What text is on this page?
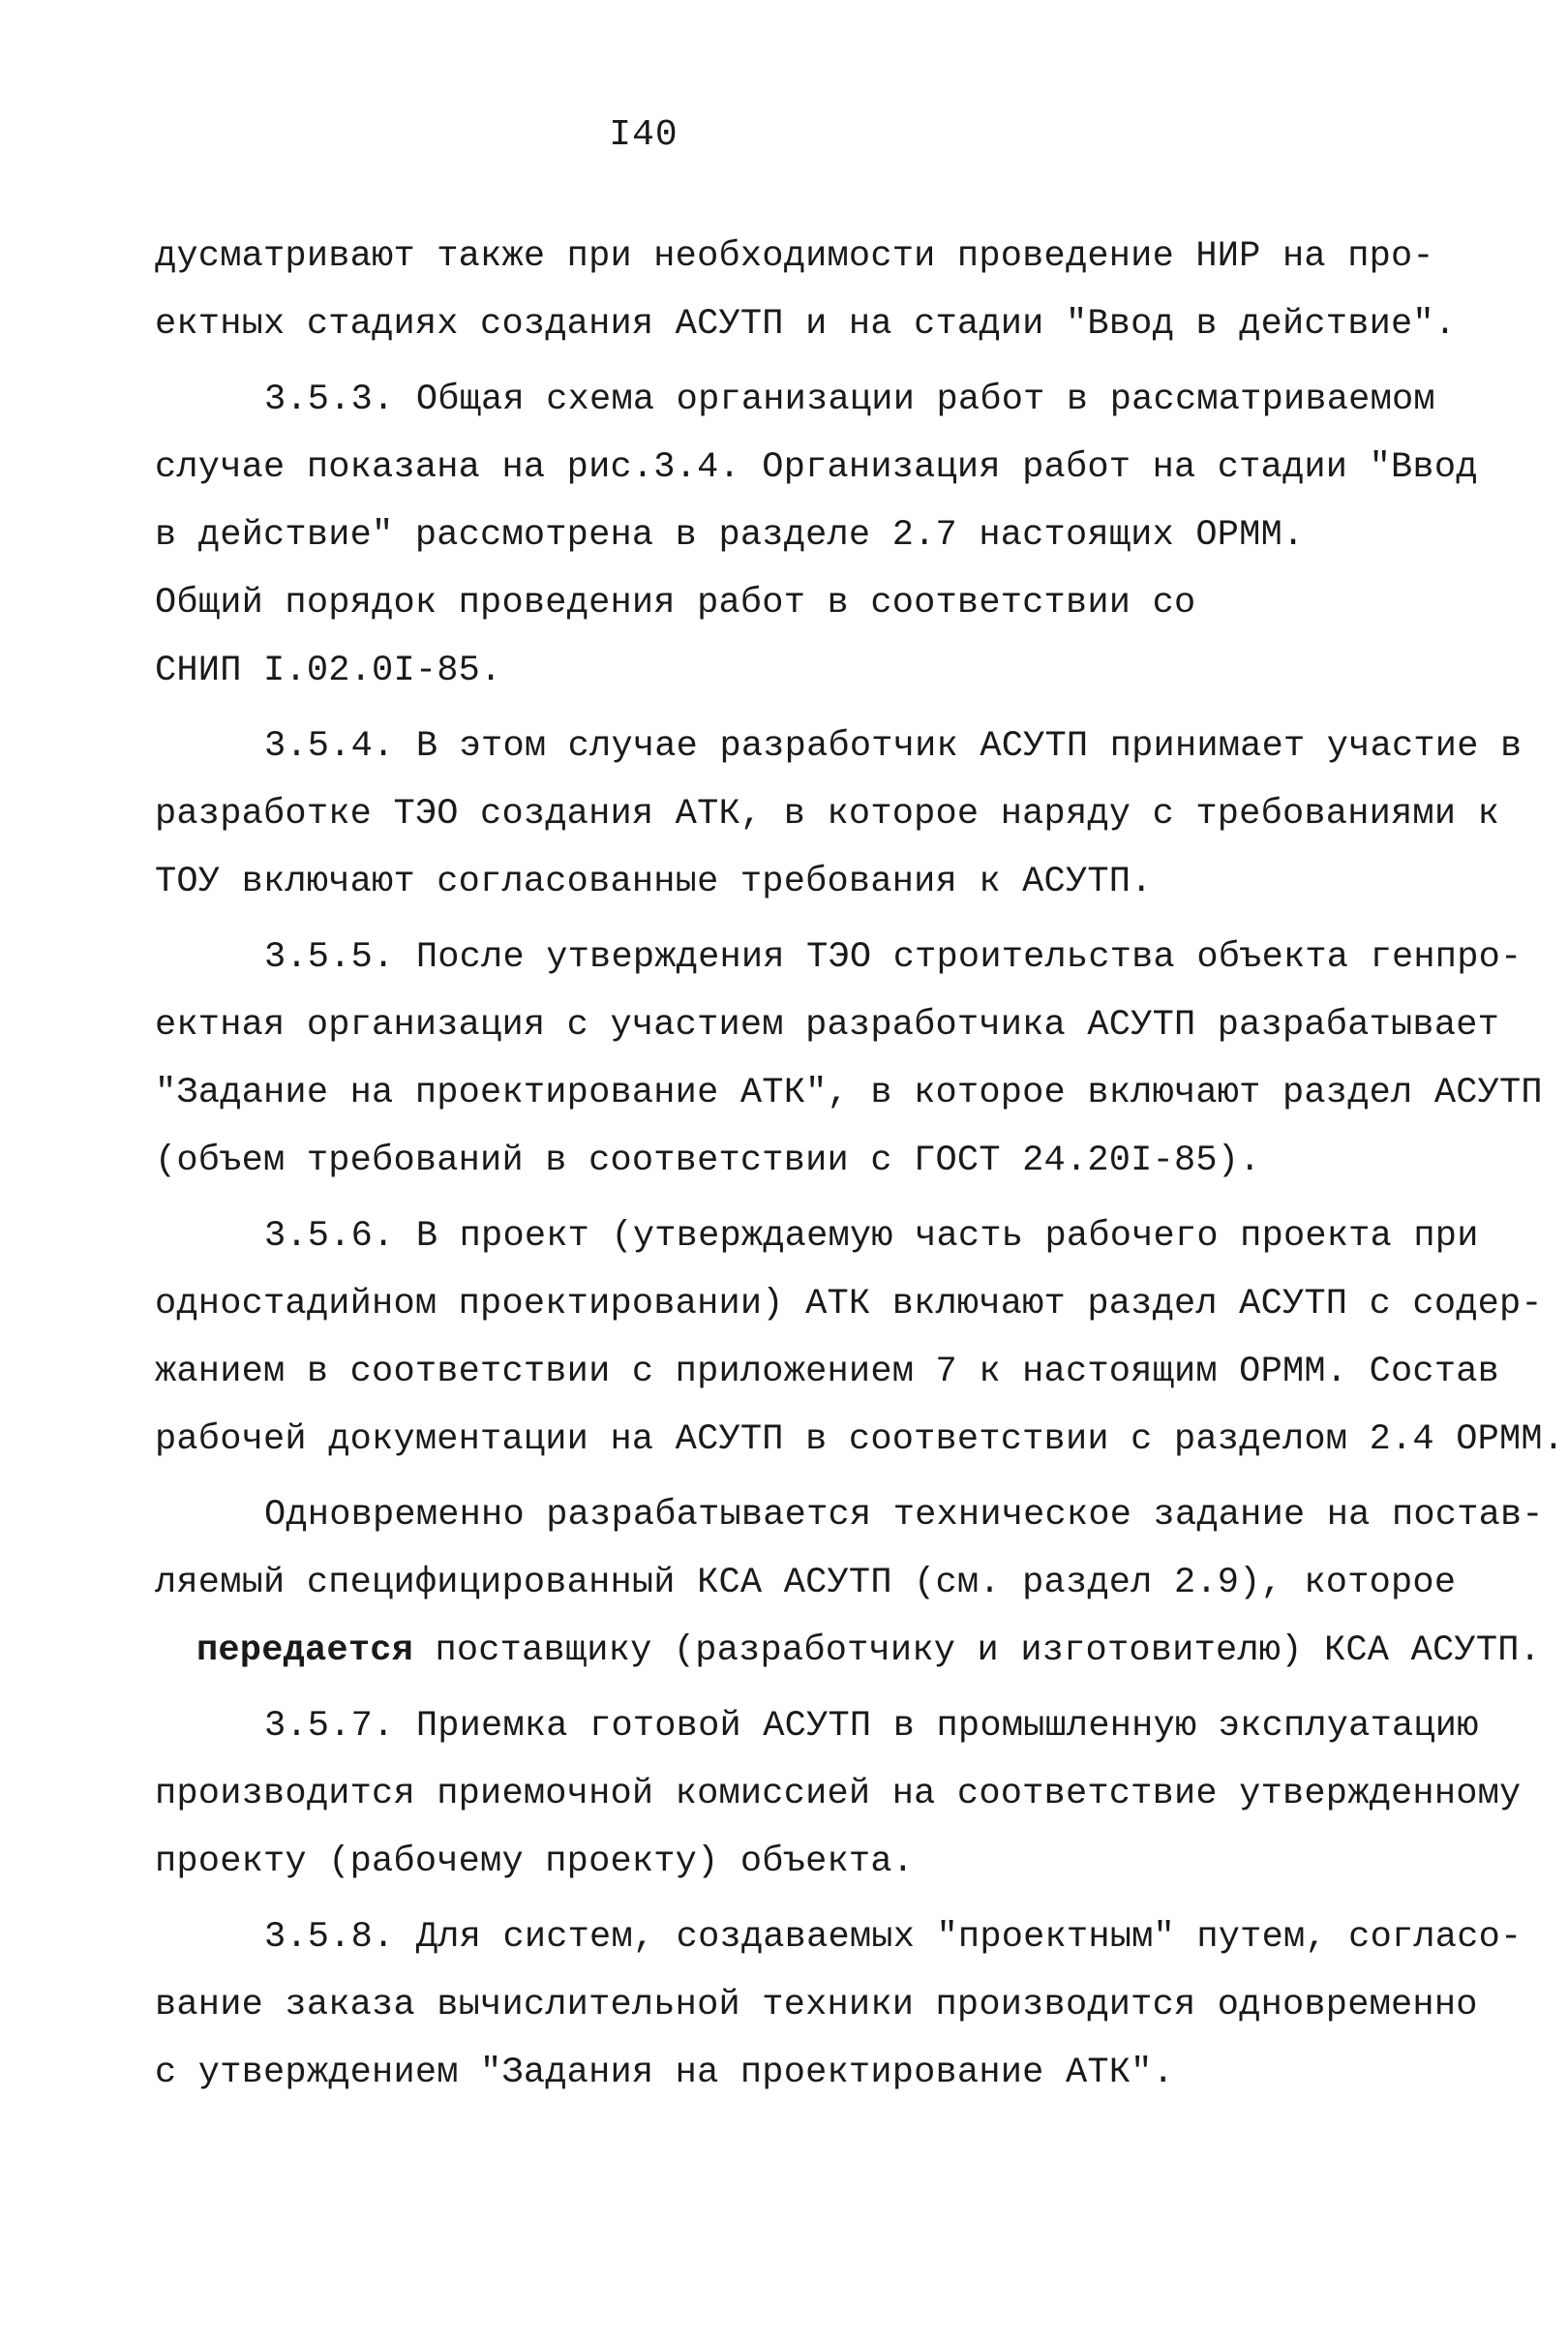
I40
дусматривают также при необходимости проведение НИР на про-
ектных стадиях создания АСУТП и на стадии "Ввод в действие".
3.5.3. Общая схема организации работ в рассматриваемом
случае показана на рис.3.4. Организация работ на стадии "Ввод
в действие" рассмотрена в разделе 2.7 настоящих ОРММ.
Общий порядок проведения работ в соответствии со
СНИП I.02.0I-85.
3.5.4. В этом случае разработчик АСУТП принимает участие в
разработке ТЭО создания АТК, в которое наряду с требованиями к
ТОУ включают согласованные требования к АСУТП.
3.5.5. После утверждения ТЭО строительства объекта генпро-
ектная организация с участием разработчика АСУТП разрабатывает
"Задание на проектирование АТК", в которое включают раздел АСУТП
(объем требований в соответствии с ГОСТ 24.20I-85).
3.5.6. В проект (утверждаемую часть рабочего проекта при
одностадийном проектировании) АТК включают раздел АСУТП с содер-
жанием в соответствии с приложением 7 к настоящим ОРММ. Состав
рабочей документации на АСУТП в соответствии с разделом 2.4 ОРММ.
Одновременно разрабатывается техническое задание на постав-
ляемый специфицированный КСА АСУТП (см. раздел 2.9), которое
передается поставщику (разработчику и изготовителю) КСА АСУТП.
3.5.7. Приемка готовой АСУТП в промышленную эксплуатацию
производится приемочной комиссией на соответствие утвержденному
проекту (рабочему проекту) объекта.
3.5.8. Для систем, создаваемых "проектным" путем, согласо-
вание заказа вычислительной техники производится одновременно
с утверждением "Задания на проектирование АТК".
